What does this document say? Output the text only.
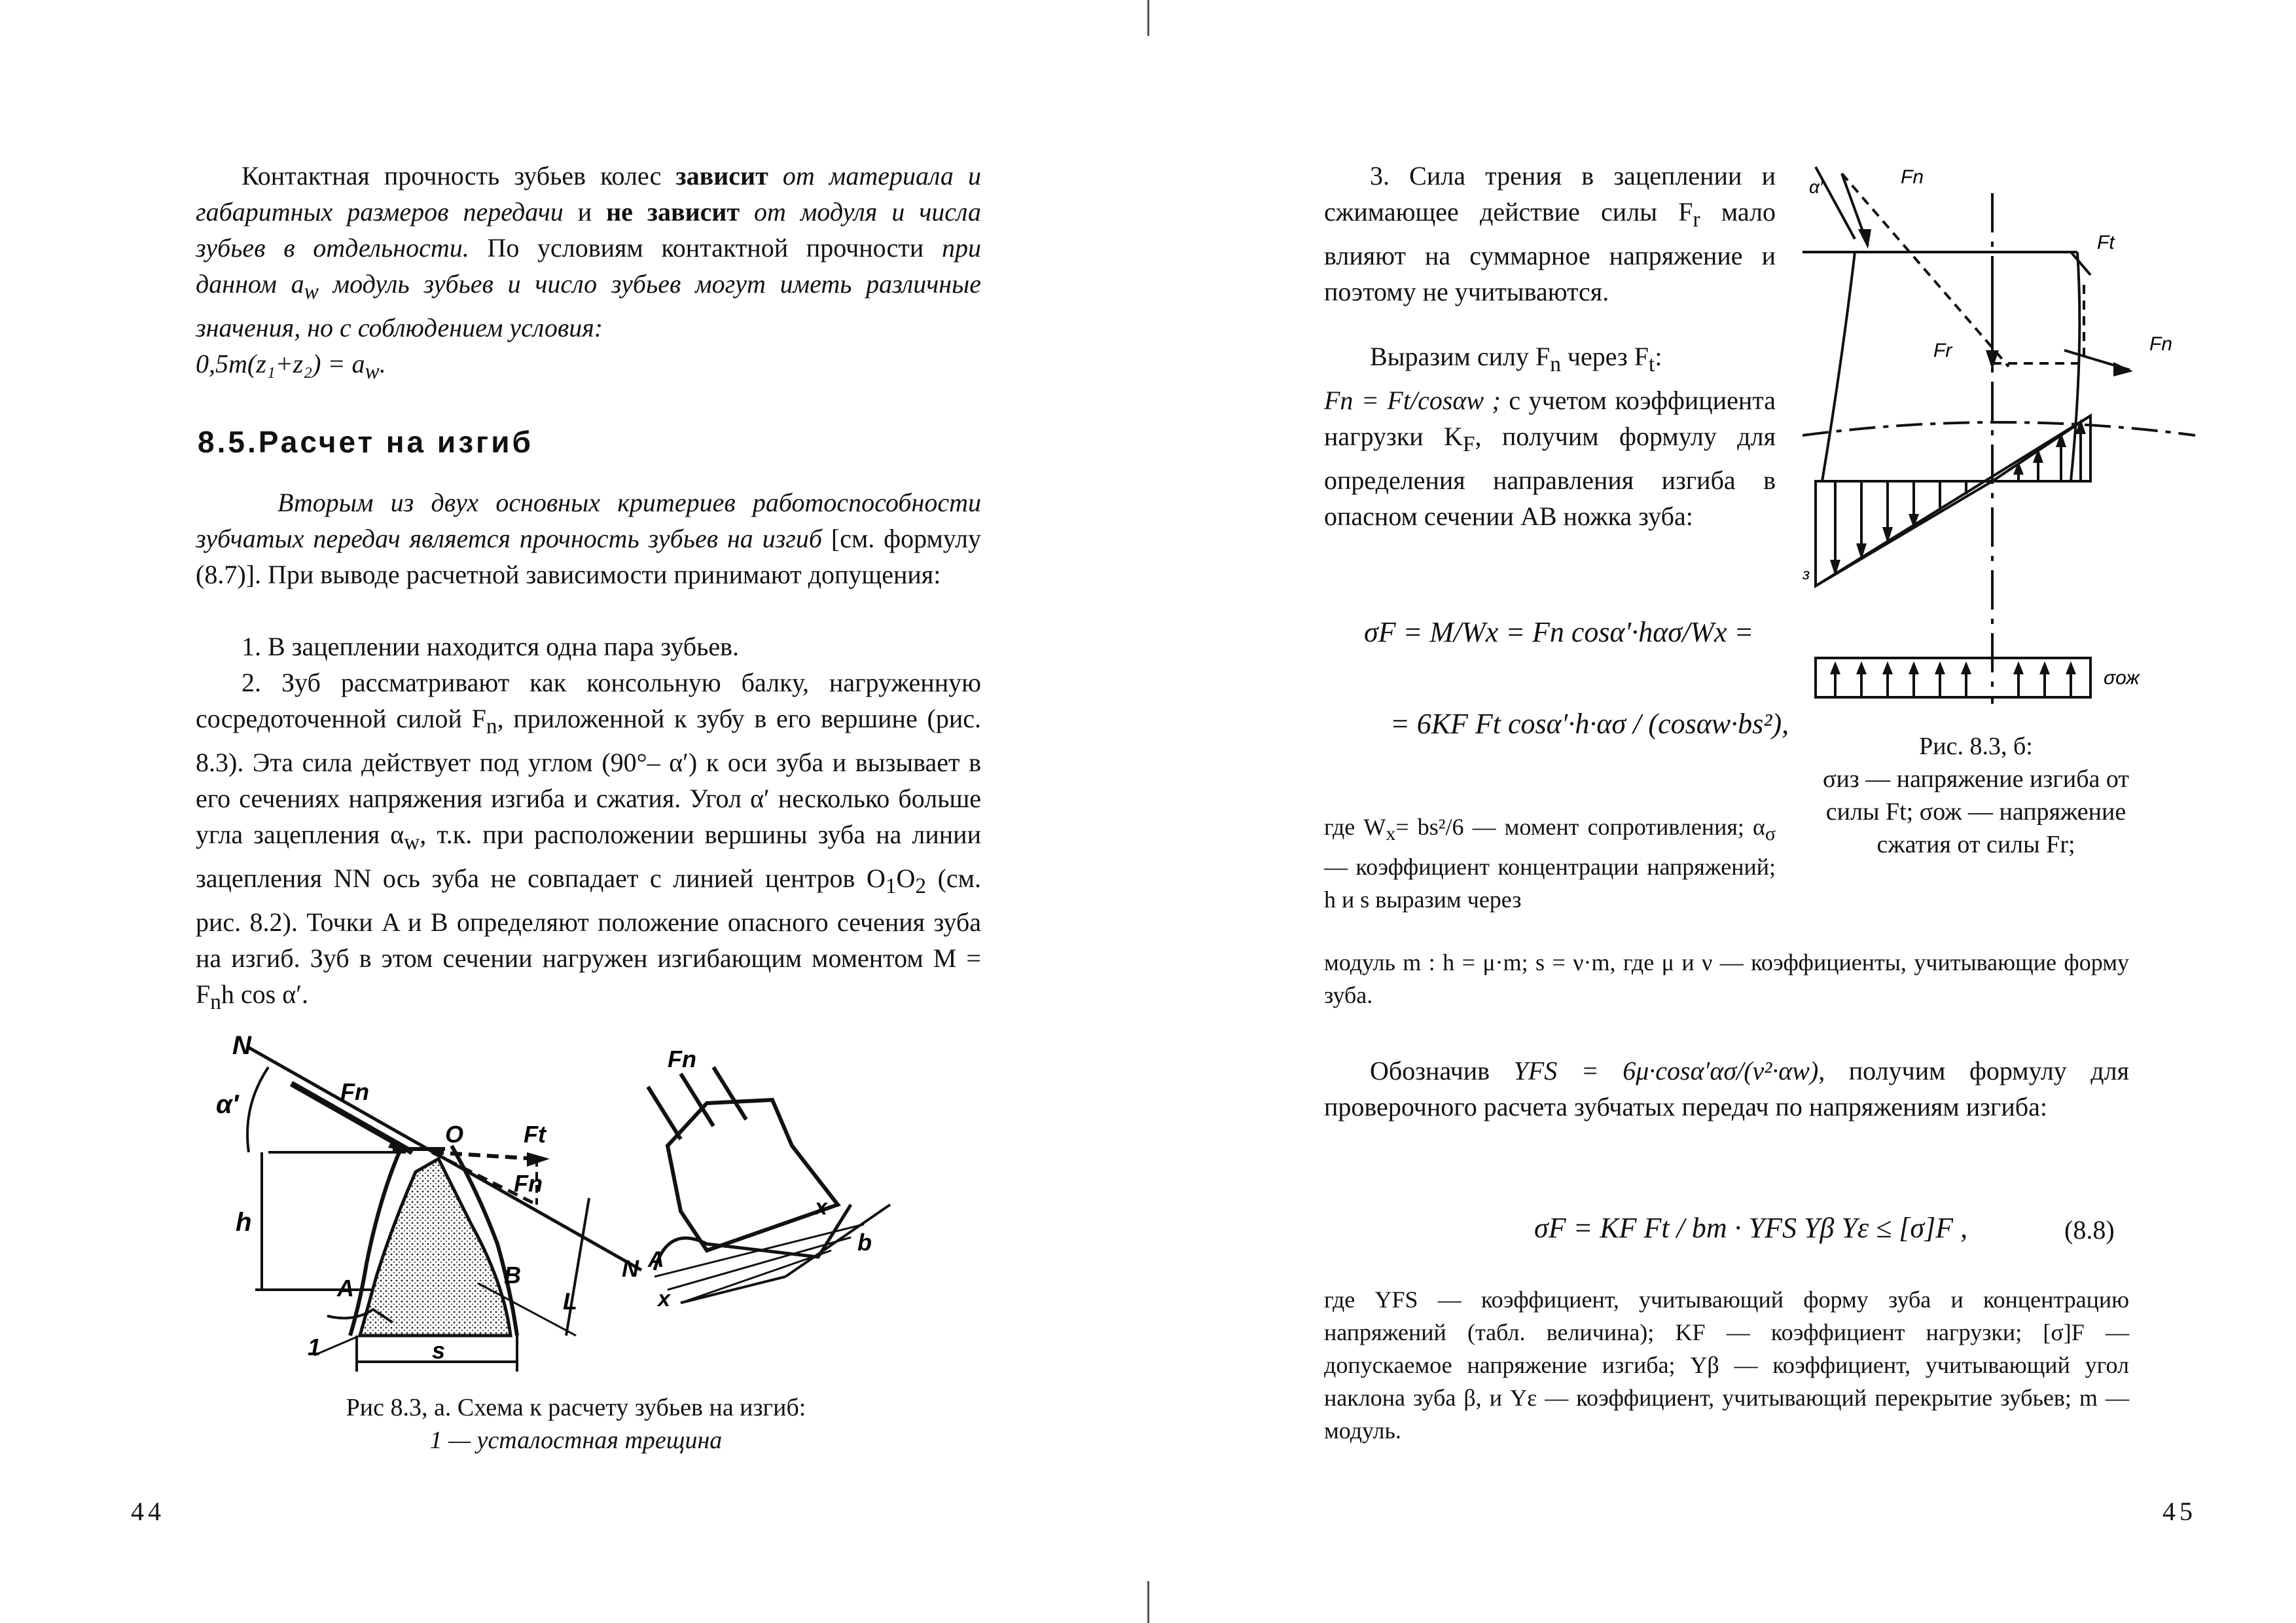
Контактная прочность зубьев колес зависит от материала и габаритных размеров передачи и не зависит от модуля и числа зубьев в отдельности. По условиям контактной прочности при данном $a_w$ модуль зубьев и число зубьев могут иметь различные значения, но с соблюдением условия:
$0,5m(z_1+z_2) = a_w$.
8.5.Расчет на изгиб
Вторым из двух основных критериев работоспособности зубчатых передач является прочность зубьев на изгиб [см. формулу (8.7)]. При выводе расчетной зависимости принимают допущения:
1. В зацеплении находится одна пара зубьев.
2. Зуб рассматривают как консольную балку, нагруженную сосредоточенной силой $F_n$, приложенной к зубу в его вершине (рис. 8.3). Эта сила действует под углом (90°– α′) к оси зуба и вызывает в его сечениях напряжения изгиба и сжатия. Угол α′ несколько больше угла зацепления $\alpha_w$, т.к. при расположении вершины зуба на линии зацепления NN ось зуба не совпадает с линией центров $O_1O_2$ (см. рис. 8.2). Точки A и B определяют положение опасного сечения зуба на изгиб. Зуб в этом сечении нагружен изгибающим моментом $M = F_nh$ cos α′.
N
α′	Fn
O	Ft
Fn
h
A	B	N
L
1	s
Fn
x
A
x
b
Рис 8.3, а. Схема к расчету зубьев на изгиб:
1 — усталостная трещина
44
3. Сила трения в зацеплении и сжимающее действие силы $F_r$ мало влияют на суммарное напряжение и поэтому не учитываются.
Выразим силу $F_n$ через $F_t$:
Fn = Ft/cosαw ; с учетом коэффициента нагрузки $K_F$, получим формулу для определения направления изгиба в опасном сечении АВ ножка зуба:
σF = M/Wx = Fn cosα′·hασ/Wx =
= 6KF Ft cosα′·h·ασ / (cosαw·bs²),
где $W_x= bs^2/6$ — момент сопротивления; $\alpha_\sigma—$ коэффициент концентрации напряжений; h и s выразим через
модуль m : h = μ·m; s = ν·m, где μ и ν — коэффициенты, учитывающие форму зуба.
Обозначив YFS = 6μ·cosα′ασ/(ν²·αw), получим формулу для проверочного расчета зубчатых передач по напряжениям изгиба:
σF = KF Ft / bm · YFS Yβ Yε ≤ [σ]F ,	(8.8)
где YFS — коэффициент, учитывающий форму зуба и концентрацию напряжений (табл. величина); KF — коэффициент нагрузки; [σ]F — допускаемое напряжение изгиба; Yβ — коэффициент, учитывающий угол наклона зуба β, и Yε — коэффициент, учитывающий перекрытие зубьев; m — модуль.
α′	Fn
Ft
Fr	Fn
з
σож
Рис. 8.3, б:
σиз — напряжение изгиба от силы Ft; σож — напряжение сжатия от силы Fr;
45
